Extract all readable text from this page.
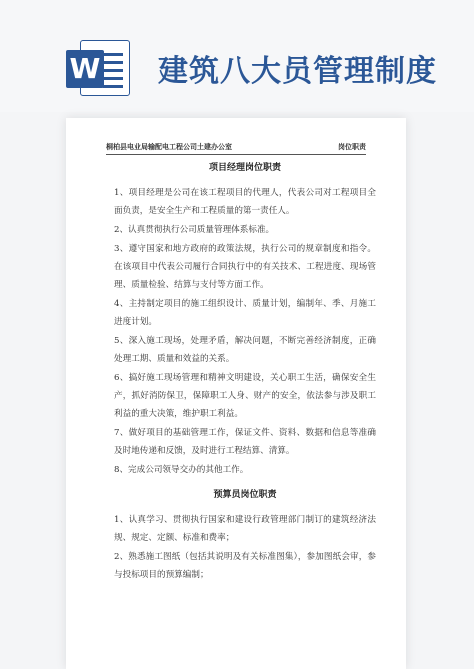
W 建筑八大员管理制度
桐柏县电业局输配电工程公司土建办公室	岗位职责
项目经理岗位职责

1、项目经理是公司在该工程项目的代理人，代表公司对工程项目全面负责，是安全生产和工程质量的第一责任人。

2、认真贯彻执行公司质量管理体系标准。

3、遵守国家和地方政府的政策法规，执行公司的规章制度和指令。在该项目中代表公司履行合同执行中的有关技术、工程进度、现场管理、质量检验、结算与支付等方面工作。

4、主持制定项目的施工组织设计、质量计划，编制年、季、月施工进度计划。

5、深入施工现场，处理矛盾，解决问题，不断完善经济制度，正确处理工期、质量和效益的关系。

6、搞好施工现场管理和精神文明建设，关心职工生活，确保安全生产，抓好消防保卫，保障职工人身、财产的安全，依法参与涉及职工利益的重大决策，维护职工利益。

7、做好项目的基础管理工作，保证文件、资料、数据和信息等准确及时地传递和反馈，及时进行工程结算、清算。

8、完成公司领导交办的其他工作。

预算员岗位职责

1、认真学习、贯彻执行国家和建设行政管理部门制订的建筑经济法规、规定、定额、标准和费率；

2、熟悉施工图纸（包括其说明及有关标准图集），参加图纸会审，参与投标项目的预算编制；
